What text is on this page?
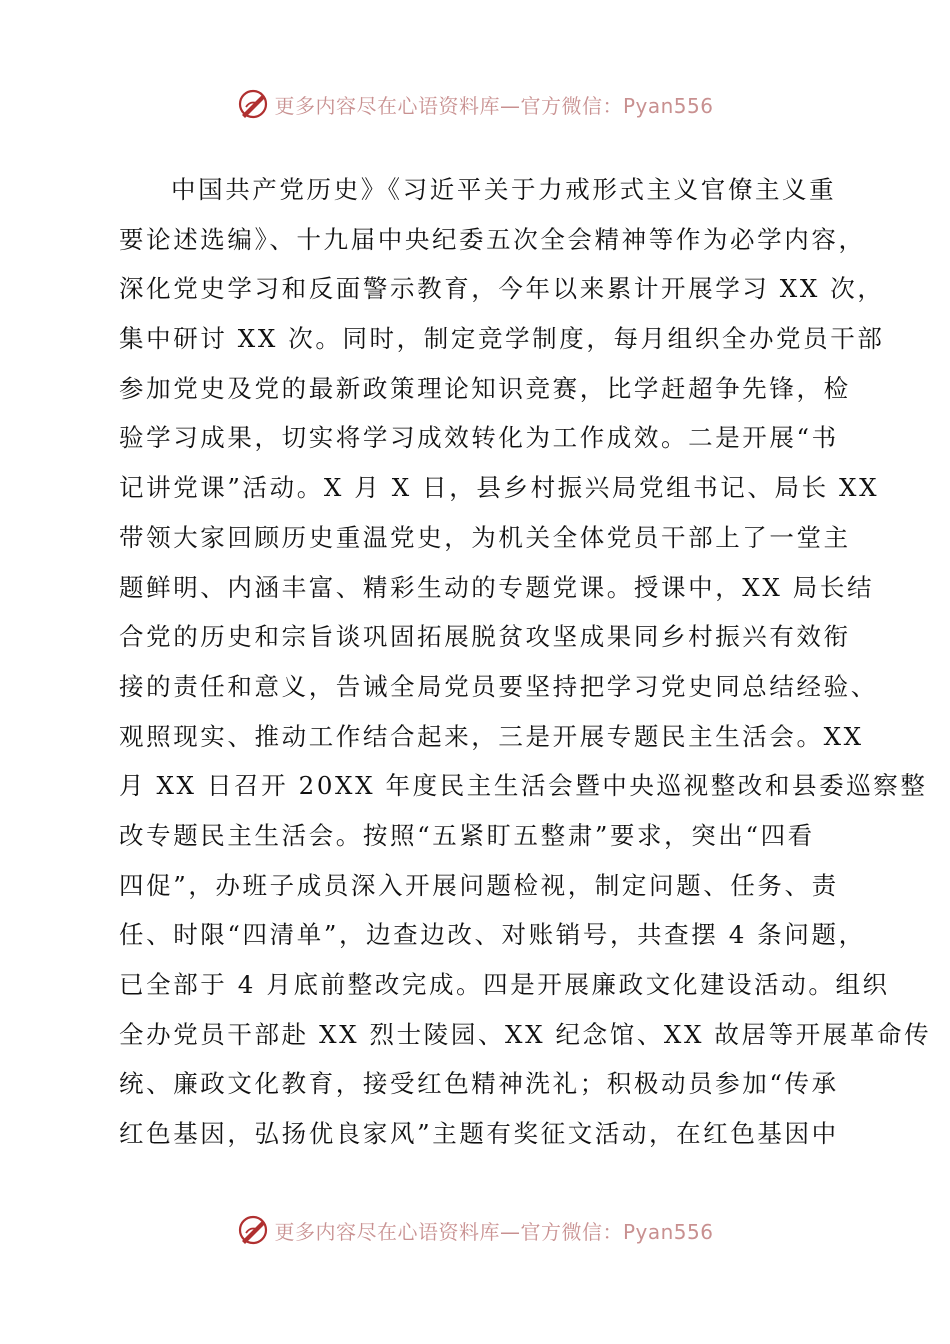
更多内容尽在心语资料库—官方微信：Pyan556
中国共产党历史》《习近平关于力戒形式主义官僚主义重
要论述选编》、十九届中央纪委五次全会精神等作为必学内容，
深化党史学习和反面警示教育，今年以来累计开展学习 XX 次，
集中研讨 XX 次。同时，制定竞学制度，每月组织全办党员干部
参加党史及党的最新政策理论知识竞赛，比学赶超争先锋，检
验学习成果，切实将学习成效转化为工作成效。二是开展“书
记讲党课”活动。X 月 X 日，县乡村振兴局党组书记、局长 XX
带领大家回顾历史重温党史，为机关全体党员干部上了一堂主
题鲜明、内涵丰富、精彩生动的专题党课。授课中，XX 局长结
合党的历史和宗旨谈巩固拓展脱贫攻坚成果同乡村振兴有效衔
接的责任和意义，告诫全局党员要坚持把学习党史同总结经验、
观照现实、推动工作结合起来，三是开展专题民主生活会。XX
月 XX 日召开 20XX 年度民主生活会暨中央巡视整改和县委巡察整
改专题民主生活会。按照“五紧盯五整肃”要求，突出“四看
四促”，办班子成员深入开展问题检视，制定问题、任务、责
任、时限“四清单”，边查边改、对账销号，共查摆 4 条问题，
已全部于 4 月底前整改完成。四是开展廉政文化建设活动。组织
全办党员干部赴 XX 烈士陵园、XX 纪念馆、XX 故居等开展革命传
统、廉政文化教育，接受红色精神洗礼；积极动员参加“传承
红色基因，弘扬优良家风”主题有奖征文活动，在红色基因中
更多内容尽在心语资料库—官方微信：Pyan556
